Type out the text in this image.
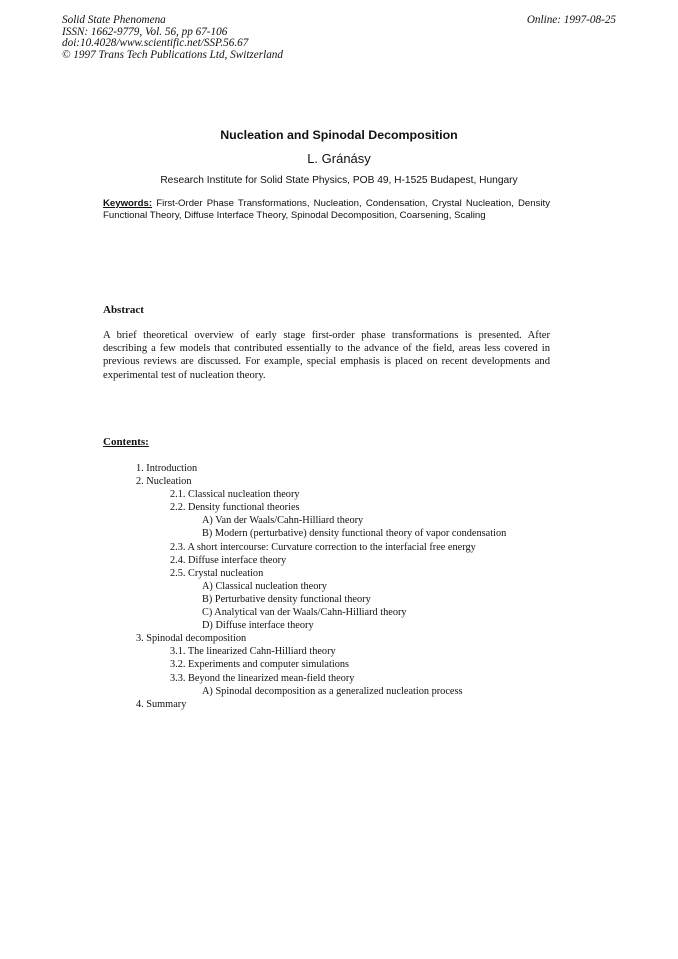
Solid State Phenomena
ISSN: 1662-9779, Vol. 56, pp 67-106
doi:10.4028/www.scientific.net/SSP.56.67
© 1997 Trans Tech Publications Ltd, Switzerland
Online: 1997-08-25
Nucleation and Spinodal Decomposition
L. Gránásy
Research Institute for Solid State Physics, POB 49, H-1525 Budapest, Hungary
Keywords: First-Order Phase Transformations, Nucleation, Condensation, Crystal Nucleation, Density Functional Theory, Diffuse Interface Theory, Spinodal Decomposition, Coarsening, Scaling
Abstract
A brief theoretical overview of early stage first-order phase transformations is presented. After describing a few models that contributed essentially to the advance of the field, areas less covered in previous reviews are discussed. For example, special emphasis is placed on recent developments and experimental test of nucleation theory.
Contents:
1. Introduction
2. Nucleation
2.1. Classical nucleation theory
2.2. Density functional theories
A) Van der Waals/Cahn-Hilliard theory
B) Modern (perturbative) density functional theory of vapor condensation
2.3. A short intercourse: Curvature correction to the interfacial free energy
2.4. Diffuse interface theory
2.5. Crystal nucleation
A) Classical nucleation theory
B) Perturbative density functional theory
C) Analytical van der Waals/Cahn-Hilliard theory
D) Diffuse interface theory
3. Spinodal decomposition
3.1. The linearized Cahn-Hilliard theory
3.2. Experiments and computer simulations
3.3. Beyond the linearized mean-field theory
A) Spinodal decomposition as a generalized nucleation process
4. Summary
